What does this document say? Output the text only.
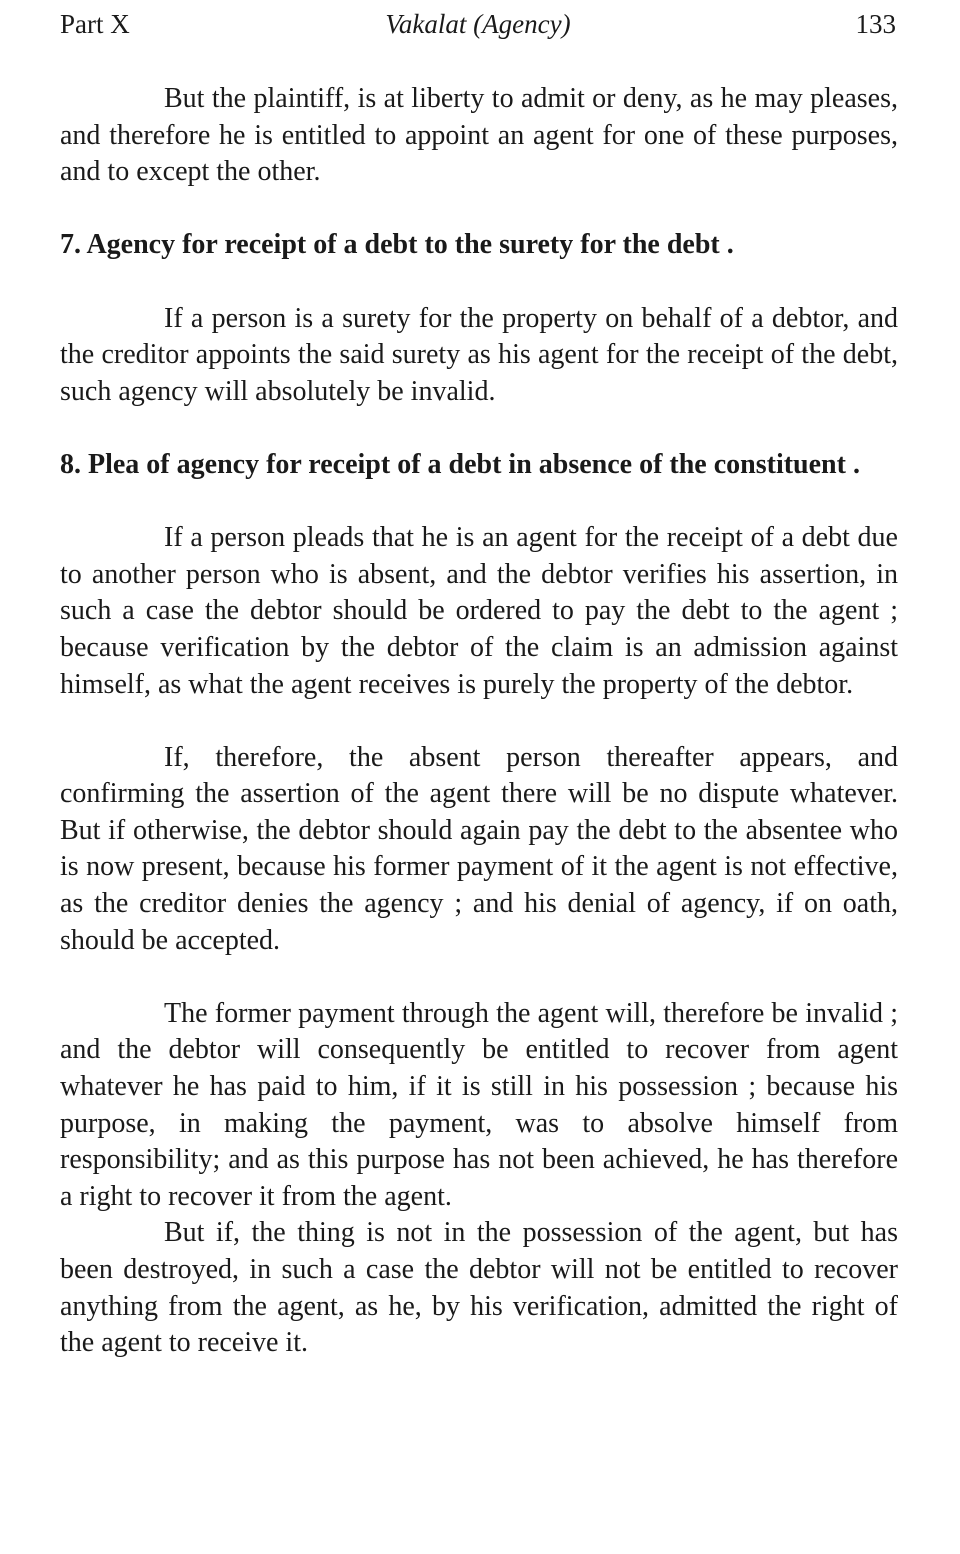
Part X	Vakalat (Agency)	133

But the plaintiff, is at liberty to admit or deny, as he may pleases, and therefore he is entitled to appoint an agent for one of these purposes, and to except the other.

7. Agency for receipt of a debt to the surety for the debt .

If a person is a surety for the property on behalf of a debtor, and the creditor appoints the said surety as his agent for the receipt of the debt, such agency will absolutely be invalid.

8. Plea of agency for receipt of a debt in absence of the constituent .

If a person pleads that he is an agent for the receipt of a debt due to another person who is absent, and the debtor verifies his assertion, in such a case the debtor should be ordered to pay the debt to the agent ; because verification by the debtor of the claim is an admission against himself, as what the agent receives is purely the property of the debtor.

If, therefore, the absent person thereafter appears, and confirming the assertion of the agent there will be no dispute whatever. But if otherwise, the debtor should again pay the debt to the absentee who is now present, because his former payment of it the agent is not effective, as the creditor denies the agency ; and his denial of agency, if on oath, should be accepted.

The former payment through the agent will, therefore be invalid ; and the debtor will consequently be entitled to recover from agent whatever he has paid to him, if it is still in his possession ; because his purpose, in making the payment, was to absolve himself from responsibility; and as this purpose has not been achieved, he has therefore a right to recover it from the agent.

But if, the thing is not in the possession of the agent, but has been destroyed, in such a case the debtor will not be entitled to recover anything from the agent, as he, by his verification, admitted the right of the agent to receive it.
